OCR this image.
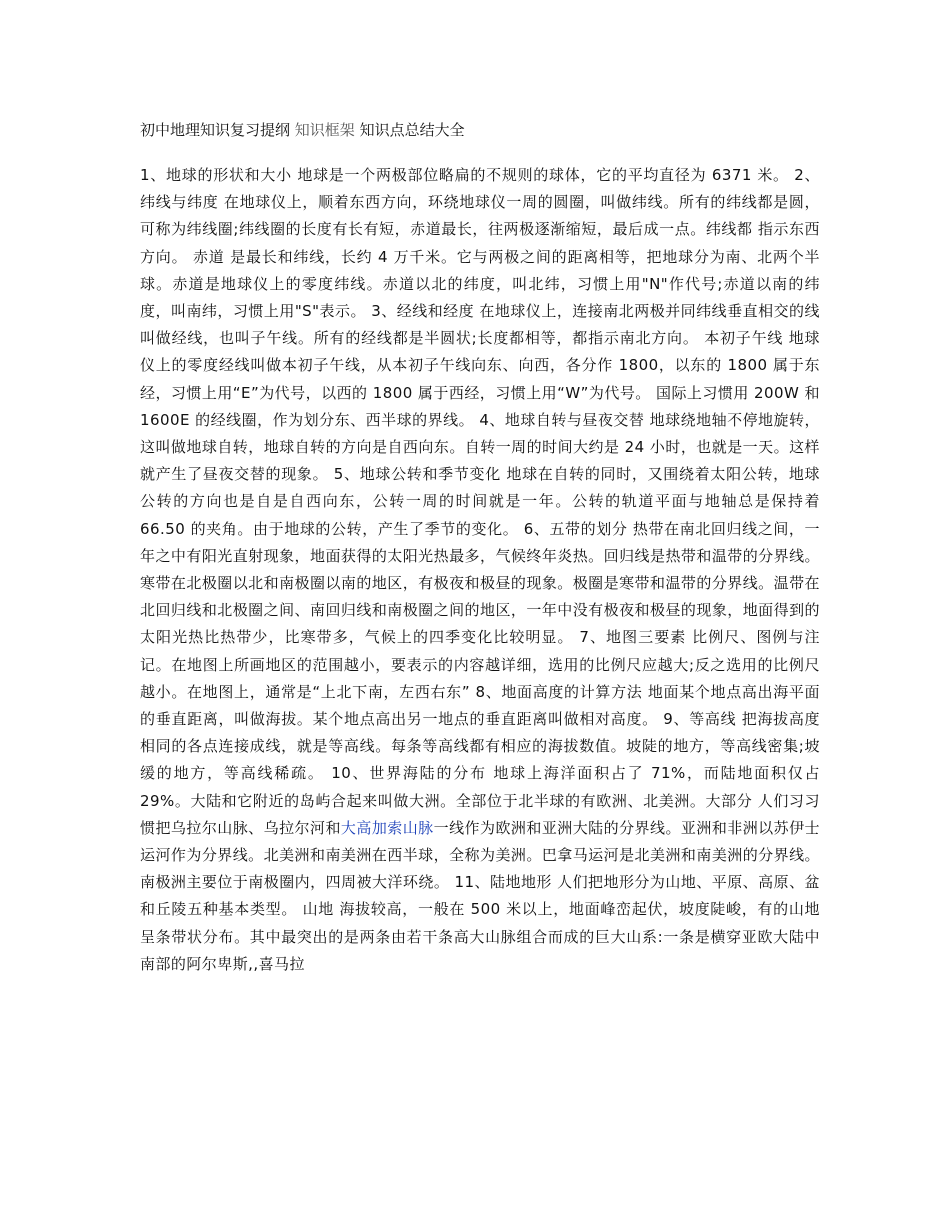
初中地理知识复习提纲 知识框架 知识点总结大全

1、地球的形状和大小 地球是一个两极部位略扁的不规则的球体，它的平均直径为 6371 米。 2、纬线与纬度 在地球仪上，顺着东西方向，环绕地球仪一周的圆圈，叫做纬线。所有的纬线都是圆，可称为纬线圈;纬线圈的长度有长有短，赤道最长，往两极逐渐缩短，最后成一点。纬线都 指示东西方向。 赤道 是最长和纬线，长约 4 万千米。它与两极之间的距离相等，把地球分为南、北两个半球。赤道是地球仪上的零度纬线。赤道以北的纬度，叫北纬，习惯上用"N"作代号;赤道以南的纬度，叫南纬，习惯上用"S"表示。 3、经线和经度 在地球仪上，连接南北两极并同纬线垂直相交的线叫做经线，也叫子午线。所有的经线都是半圆状;长度都相等，都指示南北方向。 本初子午线 地球仪上的零度经线叫做本初子午线，从本初子午线向东、向西，各分作 1800，以东的 1800 属于东经，习惯上用“E”为代号，以西的 1800 属于西经，习惯上用“W”为代号。 国际上习惯用 200W 和 1600E 的经线圈，作为划分东、西半球的界线。 4、地球自转与昼夜交替 地球绕地轴不停地旋转，这叫做地球自转，地球自转的方向是自西向东。自转一周的时间大约是 24 小时，也就是一天。这样就产生了昼夜交替的现象。 5、地球公转和季节变化 地球在自转的同时，又围绕着太阳公转，地球公转的方向也是自是自西向东，公转一周的时间就是一年。公转的轨道平面与地轴总是保持着 66.50 的夹角。由于地球的公转，产生了季节的变化。 6、五带的划分 热带在南北回归线之间，一年之中有阳光直射现象，地面获得的太阳光热最多，气候终年炎热。回归线是热带和温带的分界线。 寒带在北极圈以北和南极圈以南的地区，有极夜和极昼的现象。极圈是寒带和温带的分界线。温带在北回归线和北极圈之间、南回归线和南极圈之间的地区，一年中没有极夜和极昼的现象，地面得到的太阳光热比热带少，比寒带多，气候上的四季变化比较明显。 7、地图三要素 比例尺、图例与注记。在地图上所画地区的范围越小，要表示的内容越详细，选用的比例尺应越大;反之选用的比例尺越小。在地图上，通常是“上北下南，左西右东” 8、地面高度的计算方法 地面某个地点高出海平面的垂直距离，叫做海拔。某个地点高出另一地点的垂直距离叫做相对高度。 9、等高线 把海拔高度相同的各点连接成线，就是等高线。每条等高线都有相应的海拔数值。坡陡的地方，等高线密集;坡缓的地方，等高线稀疏。 10、世界海陆的分布 地球上海洋面积占了 71%，而陆地面积仅占 29%。大陆和它附近的岛屿合起来叫做大洲。全部位于北半球的有欧洲、北美洲。大部分 人们习习惯把乌拉尔山脉、乌拉尔河和大高加索山脉一线作为欧洲和亚洲大陆的分界线。亚洲和非洲以苏伊士运河作为分界线。北美洲和南美洲在西半球，全称为美洲。巴拿马运河是北美洲和南美洲的分界线。南极洲主要位于南极圈内，四周被大洋环绕。 11、陆地地形 人们把地形分为山地、平原、高原、盆和丘陵五种基本类型。 山地 海拔较高，一般在 500 米以上，地面峰峦起伏，坡度陡峻，有的山地呈条带状分布。其中最突出的是两条由若干条高大山脉组合而成的巨大山系:一条是横穿亚欧大陆中南部的阿尔卑斯,,喜马拉
